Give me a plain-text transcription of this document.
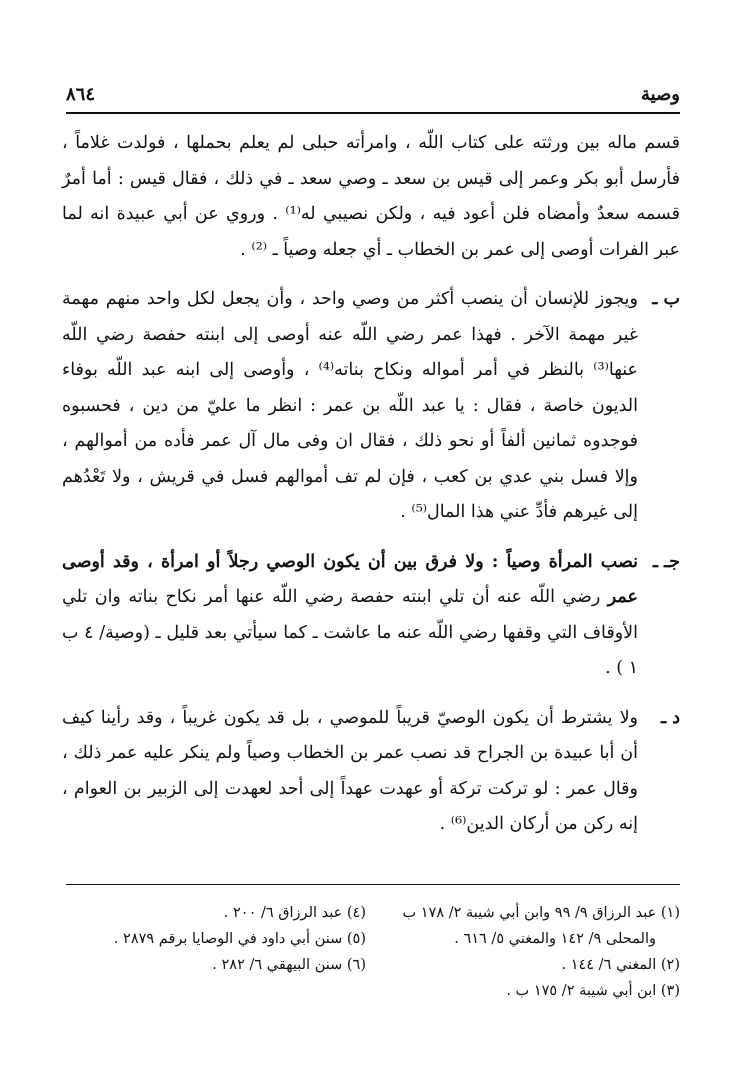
وصية
٨٦٤
قسم ماله بين ورثته على كتاب اللّه ، وامرأته حبلى لم يعلم بحملها ، فولدت غلاماً ، فأرسل أبو بكر وعمر إلى قيس بن سعد ـ وصي سعد ـ في ذلك ، فقال قيس : أما أمرٌ قسمه سعدٌ وأمضاه فلن أعود فيه ، ولكن نصيبي له⁽¹⁾ . وروي عن أبي عبيدة انه لما عبر الفرات أوصى إلى عمر بن الخطاب ـ أي جعله وصياً ـ ⁽²⁾ .
ب ـ
ويجوز للإنسان أن ينصب أكثر من وصي واحد ، وأن يجعل لكل واحد منهم مهمة غير مهمة الآخر . فهذا عمر رضي اللّه عنه أوصى إلى ابنته حفصة رضي اللّه عنها⁽³⁾ بالنظر في أمر أمواله ونكاح بناته⁽⁴⁾ ، وأوصى إلى ابنه عبد اللّه بوفاء الديون خاصة ، فقال : يا عبد اللّه بن عمر : انظر ما عليّ من دين ، فحسبوه فوجدوه ثمانين ألفاً أو نحو ذلك ، فقال ان وفى مال آل عمر فأده من أموالهم ، وإلا فسل بني عدي بن كعب ، فإن لم تف أموالهم فسل في قريش ، ولا تَعْدُهم إلى غيرهم فأدِّ عني هذا المال⁽⁵⁾ .
جـ ـ
نصب المرأة وصياً : ولا فرق بين أن يكون الوصي رجلاً أو امرأة ، وقد أوصى عمر رضي اللّه عنه أن تلي ابنته حفصة رضي اللّه عنها أمر نكاح بناته وان تلي الأوقاف التي وقفها رضي اللّه عنه ما عاشت ـ كما سيأتي بعد قليل ـ (وصية/ ٤ ب ١ ) .
د ـ
ولا يشترط أن يكون الوصيّ قريباً للموصي ، بل قد يكون غريباً ، وقد رأينا كيف أن أبا عبيدة بن الجراح قد نصب عمر بن الخطاب وصياً ولم ينكر عليه عمر ذلك ، وقال عمر : لو تركت تركة أو عهدت عهداً إلى أحد لعهدت إلى الزبير بن العوام ، إنه ركن من أركان الدين⁽⁶⁾ .
(١) عبد الرزاق ٩/ ٩٩ وابن أبي شيبة ٢/ ١٧٨ ب
والمحلى ٩/ ١٤٢ والمغني ٥/ ٦١٦ .
(٢) المغني ٦/ ١٤٤ .
(٣) ابن أبي شيبة ٢/ ١٧٥ ب .
(٤) عبد الرزاق ٦/ ٢٠٠ .
(٥) سنن أبي داود في الوصايا برقم ٢٨٧٩ .
(٦) سنن البيهقي ٦/ ٢٨٢ .
